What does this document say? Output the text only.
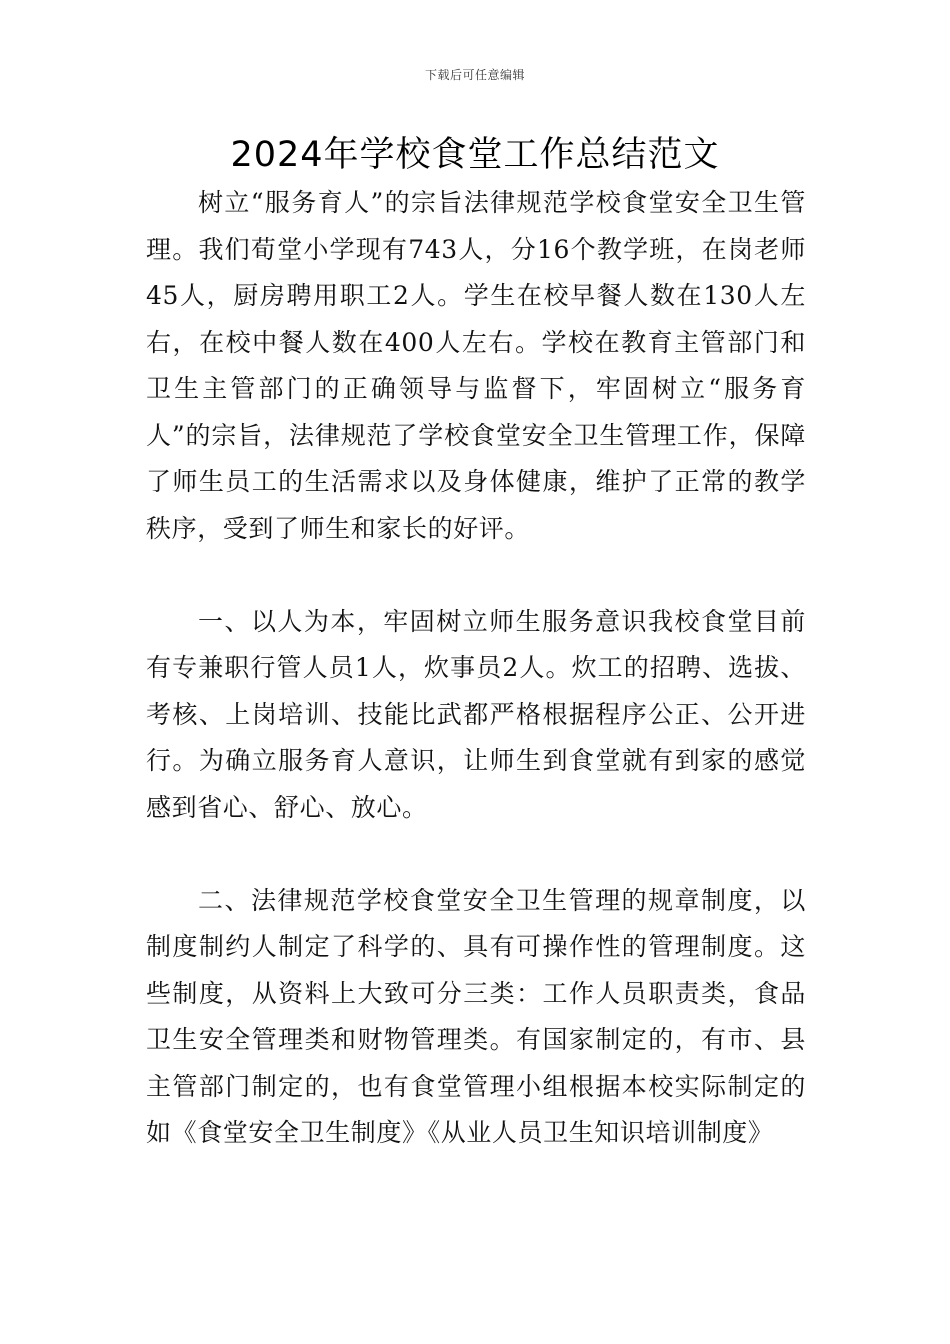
下载后可任意编辑
2024年学校食堂工作总结范文

树立“服务育人”的宗旨法律规范学校食堂安全卫生管理。我们荀堂小学现有743人，分16个教学班，在岗老师45人，厨房聘用职工2人。学生在校早餐人数在130人左右，在校中餐人数在400人左右。学校在教育主管部门和卫生主管部门的正确领导与监督下，牢固树立“服务育人”的宗旨，法律规范了学校食堂安全卫生管理工作，保障了师生员工的生活需求以及身体健康，维护了正常的教学秩序，受到了师生和家长的好评。

一、以人为本，牢固树立师生服务意识我校食堂目前有专兼职行管人员1人，炊事员2人。炊工的招聘、选拔、考核、上岗培训、技能比武都严格根据程序公正、公开进行。为确立服务育人意识，让师生到食堂就有到家的感觉感到省心、舒心、放心。

二、法律规范学校食堂安全卫生管理的规章制度，以制度制约人制定了科学的、具有可操作性的管理制度。这些制度，从资料上大致可分三类：工作人员职责类，食品卫生安全管理类和财物管理类。有国家制定的，有市、县主管部门制定的，也有食堂管理小组根据本校实际制定的如《食堂安全卫生制度》《从业人员卫生知识培训制度》
